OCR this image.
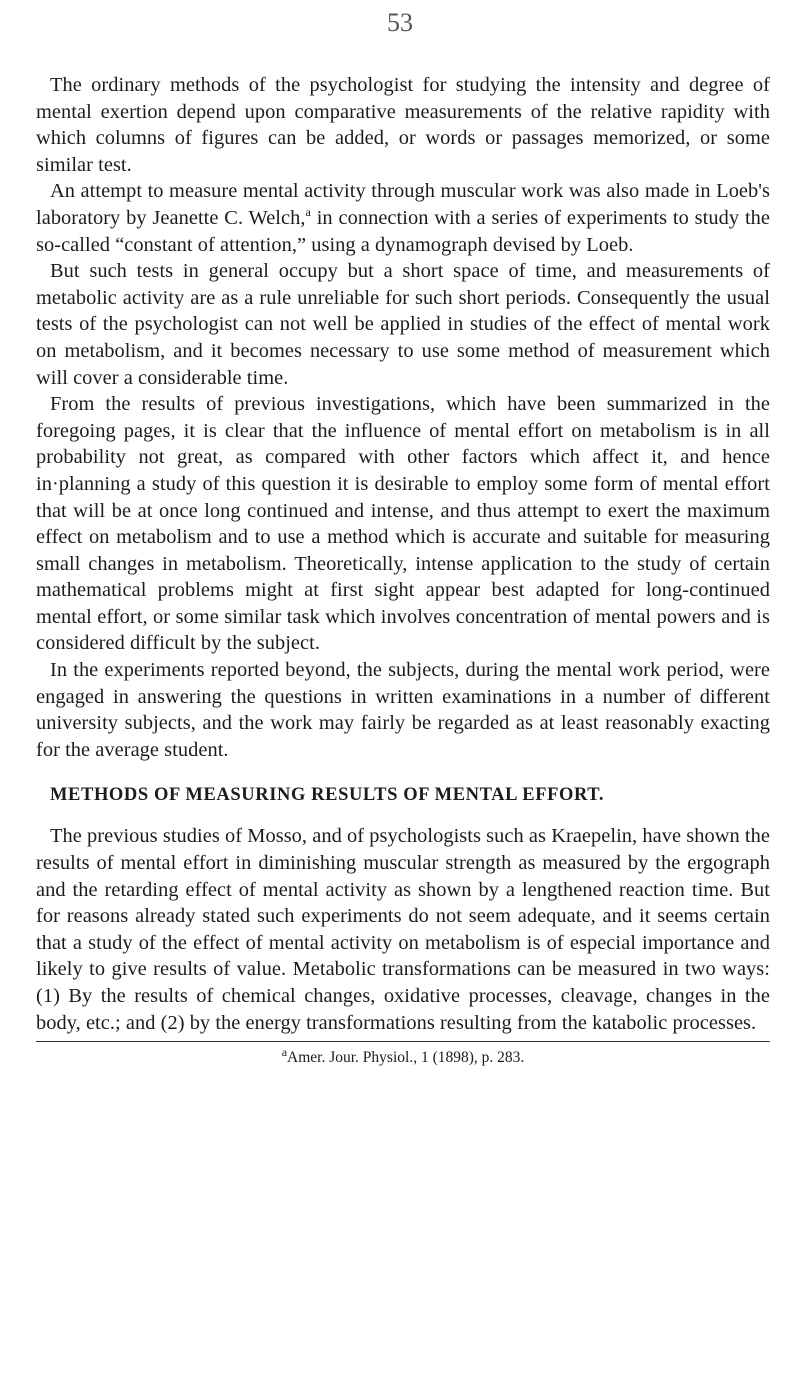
53

The ordinary methods of the psychologist for studying the intensity and degree of mental exertion depend upon comparative measurements of the relative rapidity with which columns of figures can be added, or words or passages memorized, or some similar test.

An attempt to measure mental activity through muscular work was also made in Loeb's laboratory by Jeanette C. Welch,$^a$ in connection with a series of experiments to study the so-called “constant of attention,” using a dynamograph devised by Loeb.

But such tests in general occupy but a short space of time, and measurements of metabolic activity are as a rule unreliable for such short periods. Consequently the usual tests of the psychologist can not well be applied in studies of the effect of mental work on metabolism, and it becomes necessary to use some method of measurement which will cover a considerable time.

From the results of previous investigations, which have been summarized in the foregoing pages, it is clear that the influence of mental effort on metabolism is in all probability not great, as compared with other factors which affect it, and hence in·planning a study of this question it is desirable to employ some form of mental effort that will be at once long continued and intense, and thus attempt to exert the maximum effect on metabolism and to use a method which is accurate and suitable for measuring small changes in metabolism. Theoretically, intense application to the study of certain mathematical problems might at first sight appear best adapted for long-continued mental effort, or some similar task which involves concentration of mental powers and is considered difficult by the subject.

In the experiments reported beyond, the subjects, during the mental work period, were engaged in answering the questions in written examinations in a number of different university subjects, and the work may fairly be regarded as at least reasonably exacting for the average student.

METHODS OF MEASURING RESULTS OF MENTAL EFFORT.

The previous studies of Mosso, and of psychologists such as Kraepelin, have shown the results of mental effort in diminishing muscular strength as measured by the ergograph and the retarding effect of mental activity as shown by a lengthened reaction time. But for reasons already stated such experiments do not seem adequate, and it seems certain that a study of the effect of mental activity on metabolism is of especial importance and likely to give results of value. Metabolic transformations can be measured in two ways: (1) By the results of chemical changes, oxidative processes, cleavage, changes in the body, etc.; and (2) by the energy transformations resulting from the katabolic processes.

$^a$Amer. Jour. Physiol., 1 (1898), p. 283.
